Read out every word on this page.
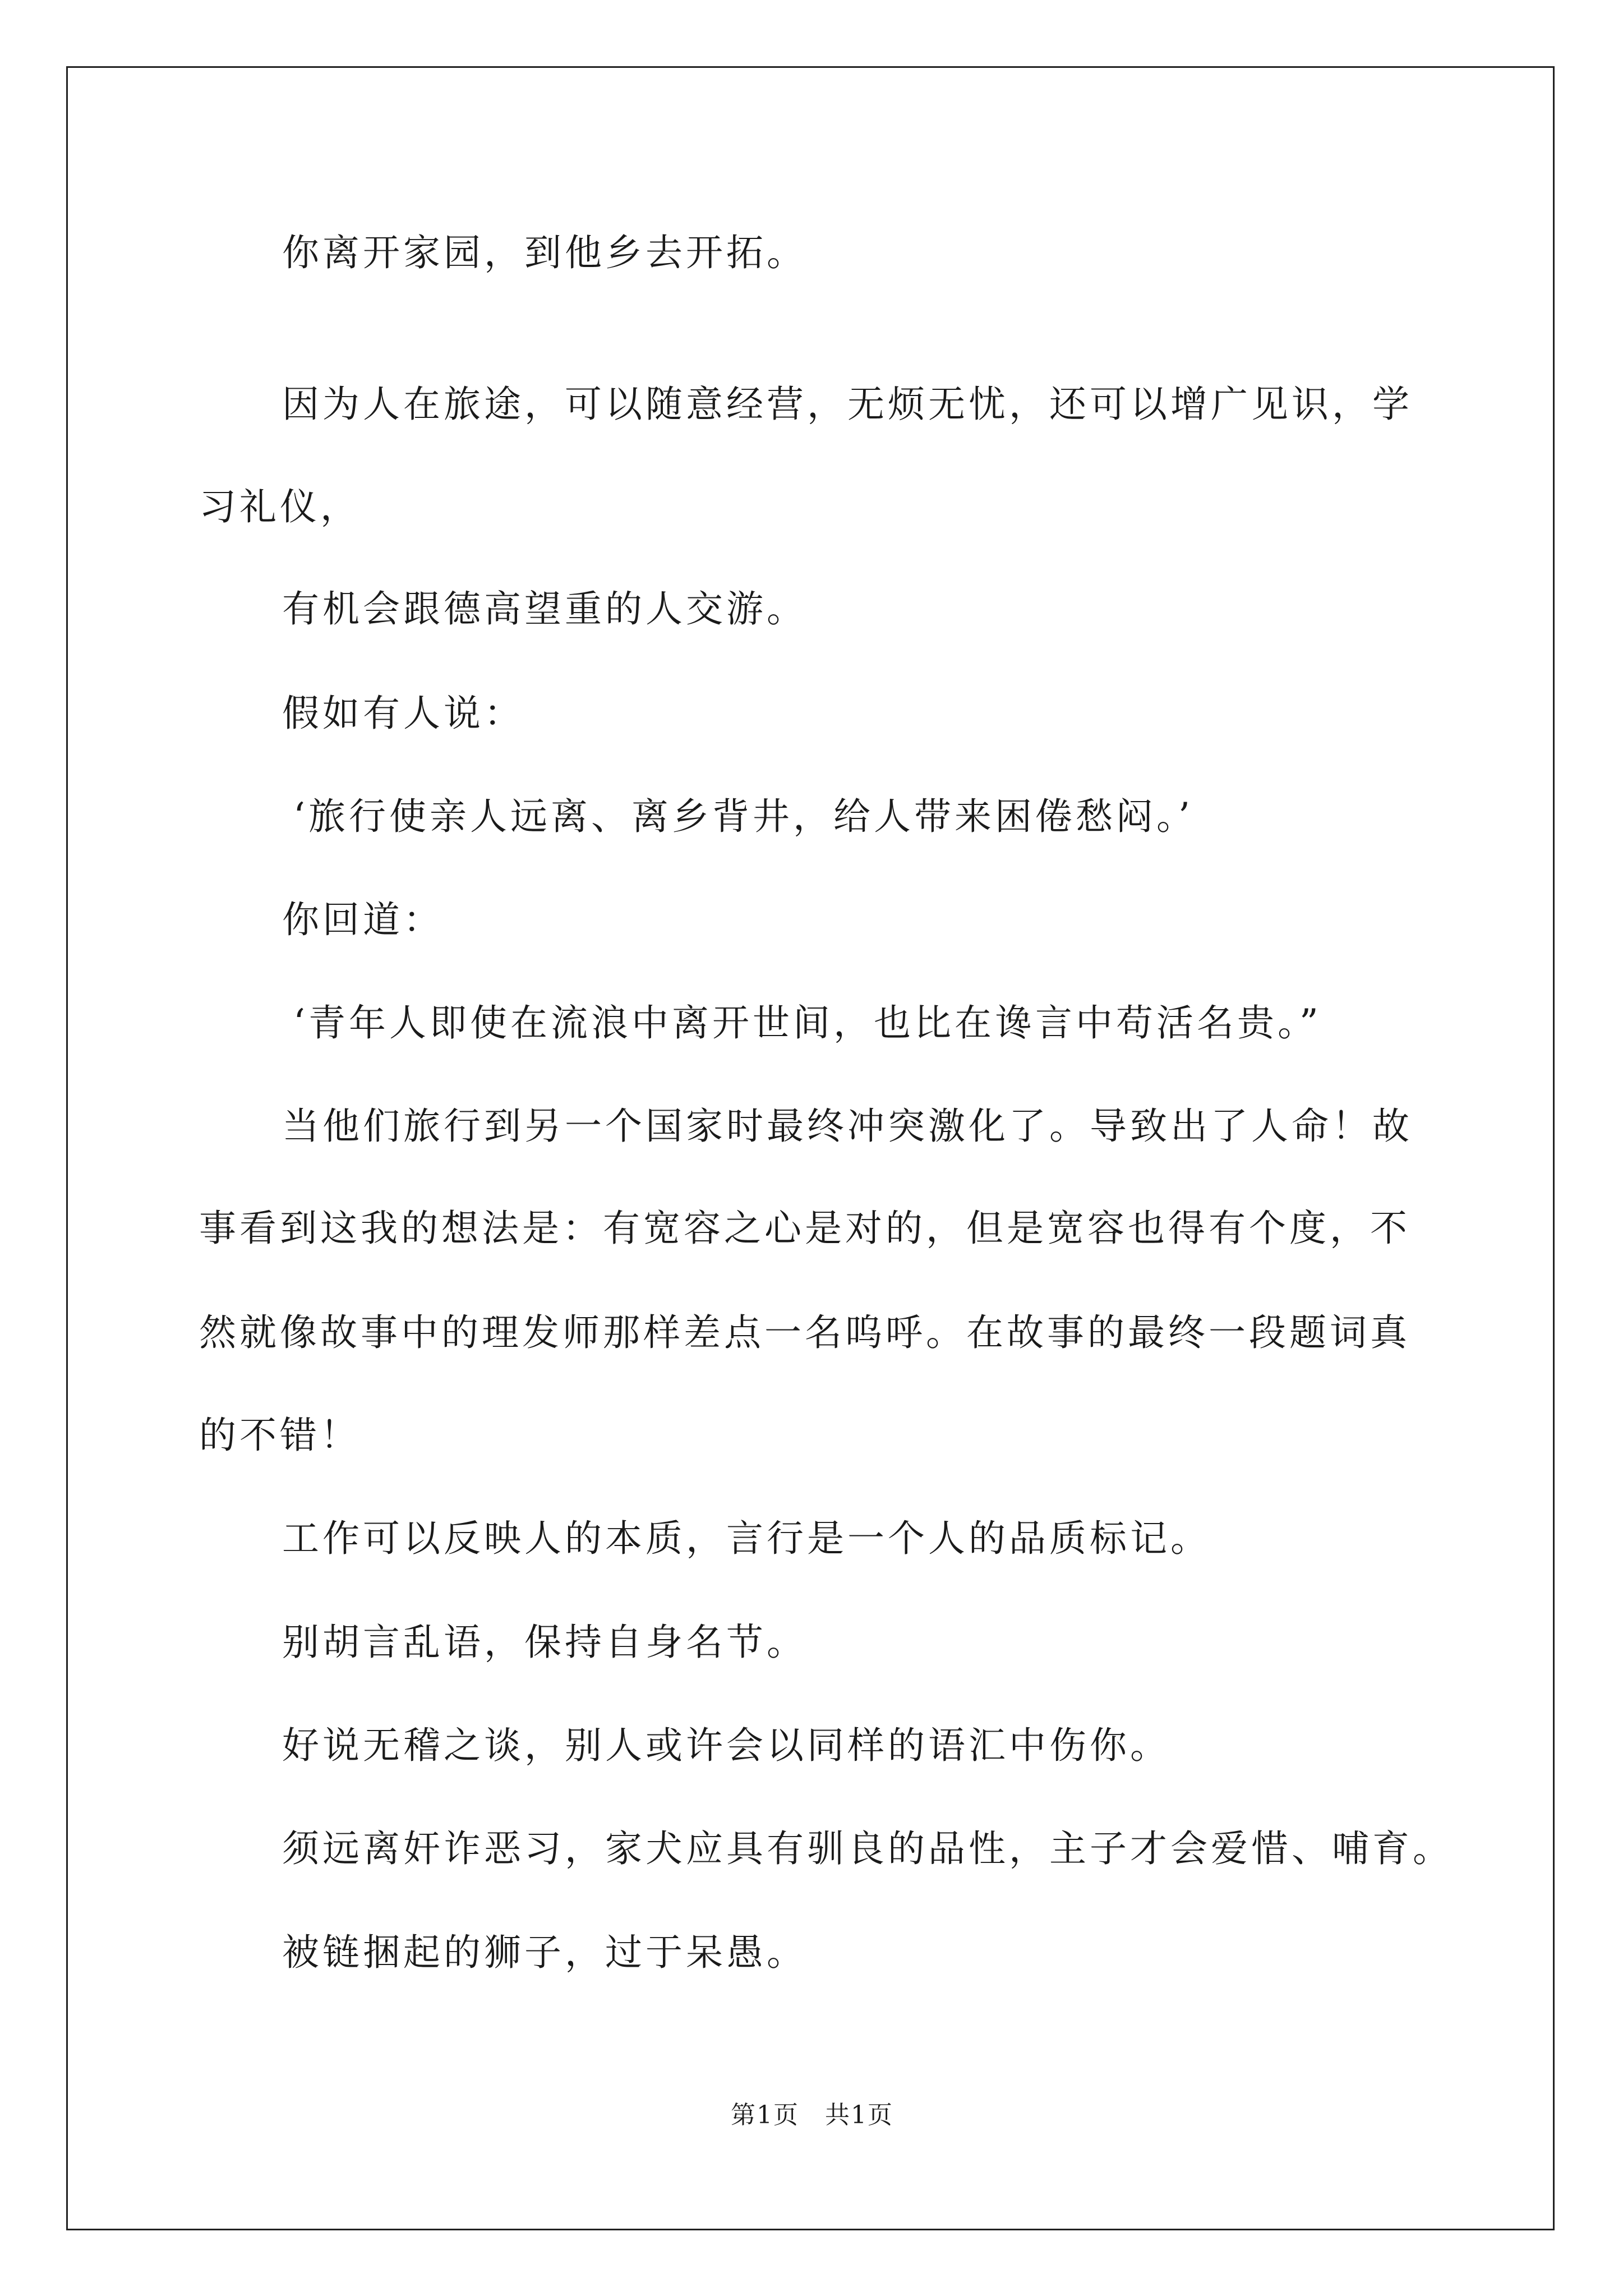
你离开家园，到他乡去开拓。
因为人在旅途，可以随意经营，无烦无忧，还可以增广见识，学
习礼仪，
有机会跟德高望重的人交游。
假如有人说：
‘旅行使亲人远离、离乡背井，给人带来困倦愁闷。’
你回道：
‘青年人即使在流浪中离开世间，也比在谗言中苟活名贵。”
当他们旅行到另一个国家时最终冲突激化了。导致出了人命！故
事看到这我的想法是：有宽容之心是对的，但是宽容也得有个度，不
然就像故事中的理发师那样差点一名呜呼。在故事的最终一段题词真
的不错！
工作可以反映人的本质，言行是一个人的品质标记。
别胡言乱语，保持自身名节。
好说无稽之谈，别人或许会以同样的语汇中伤你。
须远离奸诈恶习，家犬应具有驯良的品性，主子才会爱惜、哺育。
被链捆起的狮子，过于呆愚。
第1页　共1页
